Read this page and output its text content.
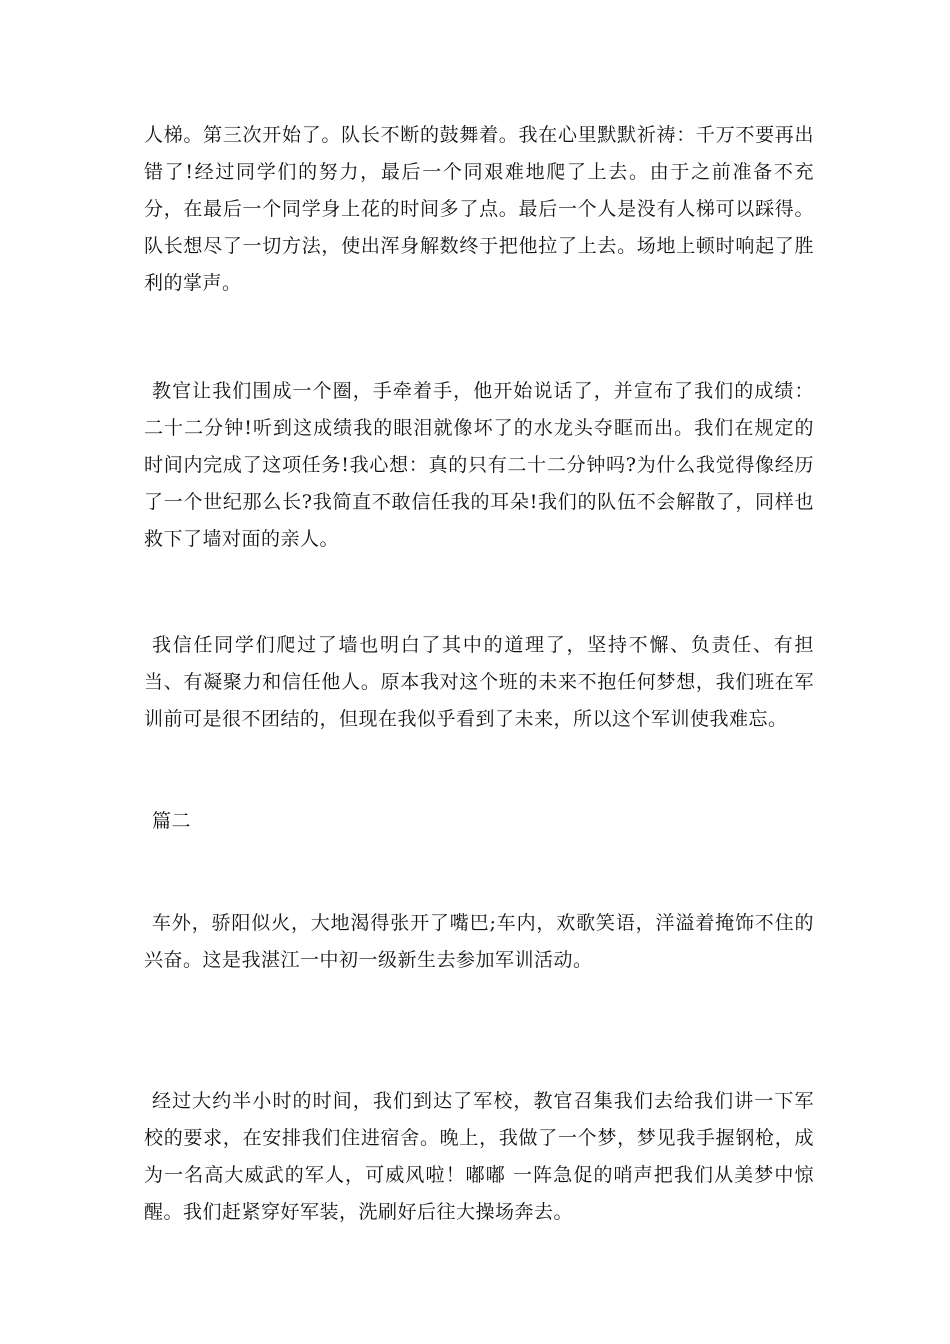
人梯。第三次开始了。队长不断的鼓舞着。我在心里默默祈祷：千万不要再出错了!经过同学们的努力，最后一个同艰难地爬了上去。由于之前准备不充分，在最后一个同学身上花的时间多了点。最后一个人是没有人梯可以踩得。队长想尽了一切方法，使出浑身解数终于把他拉了上去。场地上顿时响起了胜利的掌声。

教官让我们围成一个圈，手牵着手，他开始说话了，并宣布了我们的成绩：二十二分钟!听到这成绩我的眼泪就像坏了的水龙头夺眶而出。我们在规定的时间内完成了这项任务!我心想：真的只有二十二分钟吗?为什么我觉得像经历了一个世纪那么长?我简直不敢信任我的耳朵!我们的队伍不会解散了，同样也救下了墙对面的亲人。

我信任同学们爬过了墙也明白了其中的道理了，坚持不懈、负责任、有担当、有凝聚力和信任他人。原本我对这个班的未来不抱任何梦想，我们班在军训前可是很不团结的，但现在我似乎看到了未来，所以这个军训使我难忘。

篇二

车外，骄阳似火，大地渴得张开了嘴巴;车内，欢歌笑语，洋溢着掩饰不住的兴奋。这是我湛江一中初一级新生去参加军训活动。

经过大约半小时的时间，我们到达了军校，教官召集我们去给我们讲一下军校的要求，在安排我们住进宿舍。晚上，我做了一个梦，梦见我手握钢枪，成为一名高大威武的军人，可威风啦！嘟嘟 一阵急促的哨声把我们从美梦中惊醒。我们赶紧穿好军装，洗刷好后往大操场奔去。
